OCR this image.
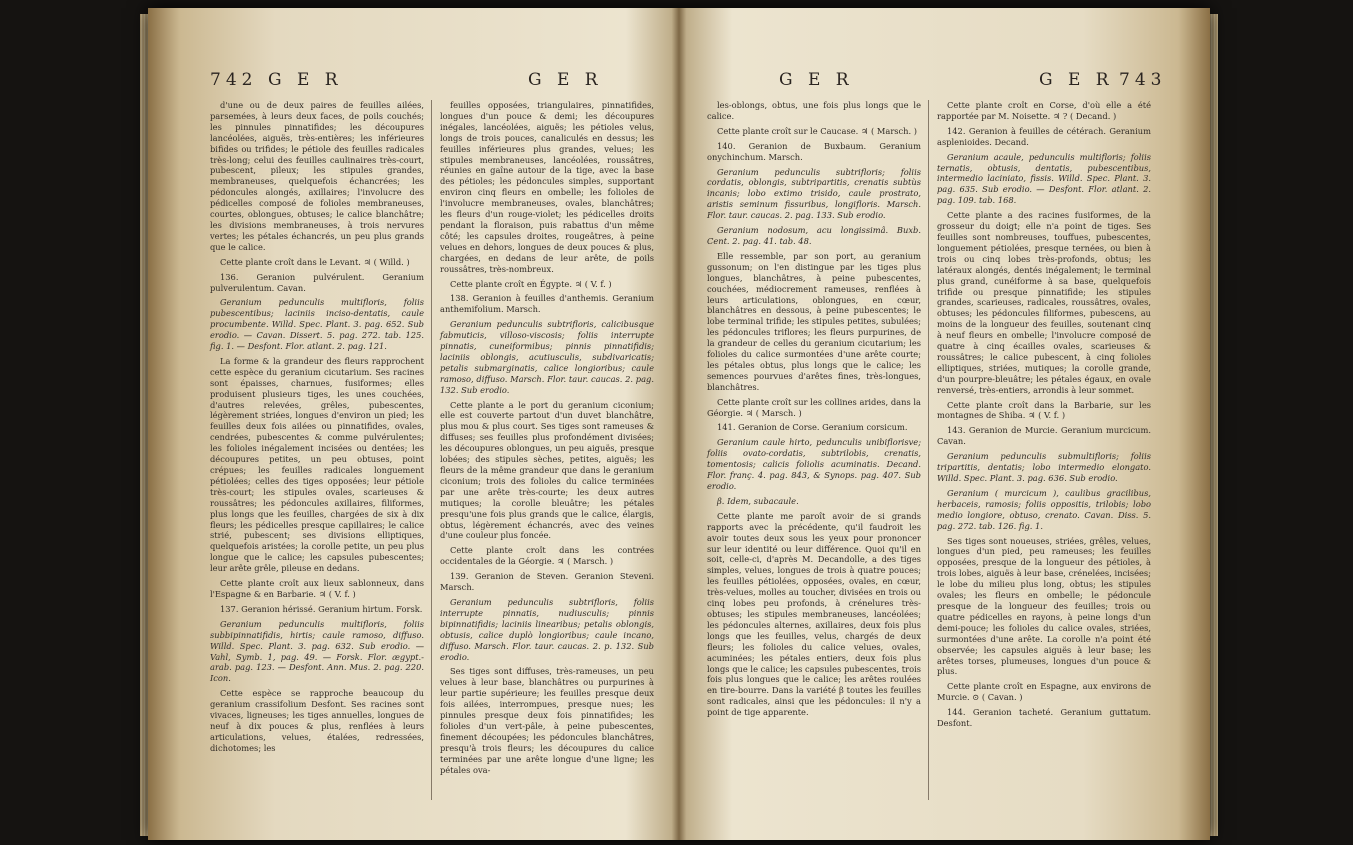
742 G E R	G E R

d'une ou de deux paires de feuilles ailées, parsemées, à leurs deux faces, de poils couchés; les pinnules pinnatifides; les découpures lancéolées, aiguës, très-entières; les inférieures bifides ou trifides; le pétiole des feuilles radicales très-long; celui des feuilles caulinaires très-court, pubescent, pileux; les stipules grandes, membraneuses, quelquefois échancrées; les pédoncules alongés, axillaires; l'involucre des pédicelles composé de folioles membraneuses, courtes, oblongues, obtuses; le calice blanchâtre; les divisions membraneuses, à trois nervures vertes; les pétales échancrés, un peu plus grands que le calice.

Cette plante croît dans le Levant. ♃ ( Willd. )

136. Geranion pulvérulent. Geranium pulverulentum. Cavan.

Geranium pedunculis multifloris, foliis pubescentibus; laciniis inciso-dentatis, caule procumbente. Willd. Spec. Plant. 3. pag. 652. Sub erodio. — Cavan. Dissert. 5. pag. 272. tab. 125. fig. 1. — Desfont. Flor. atlant. 2. pag. 121.

La forme & la grandeur des fleurs rapprochent cette espèce du geranium cicutarium. Ses racines sont épaisses, charnues, fusiformes; elles produisent plusieurs tiges, les unes couchées, d'autres relevées, grêles, pubescentes, légèrement striées, longues d'environ un pied; les feuilles deux fois ailées ou pinnatifides, ovales, cendrées, pubescentes & comme pulvérulentes; les folioles inégalement incisées ou dentées; les découpures petites, un peu obtuses, point crépues; les feuilles radicales longuement pétiolées; celles des tiges opposées; leur pétiole très-court; les stipules ovales, scarieuses & roussâtres; les pédoncules axillaires, filiformes, plus longs que les feuilles, chargées de six à dix fleurs; les pédicelles presque capillaires; le calice strié, pubescent; ses divisions elliptiques, quelquefois aristées; la corolle petite, un peu plus longue que le calice; les capsules pubescentes; leur arête grêle, pileuse en dedans.

Cette plante croît aux lieux sablonneux, dans l'Espagne & en Barbarie. ♃ ( V. f. )

137. Geranion hérissé. Geranium hirtum. Forsk.

Geranium pedunculis multifloris, foliis subbipinnatifidis, hirtis; caule ramoso, diffuso. Willd. Spec. Plant. 3. pag. 632. Sub erodio. — Vahl, Symb. 1, pag. 49. — Forsk. Flor. ægypt.-arab. pag. 123. — Desfont. Ann. Mus. 2. pag. 220. Icon.

Cette espèce se rapproche beaucoup du geranium crassifolium Desfont. Ses racines sont vivaces, ligneuses; les tiges annuelles, longues de neuf à dix pouces & plus, renflées à leurs articulations, velues, étalées, redressées, dichotomes; les

feuilles opposées, triangulaires, pinnatifides, longues d'un pouce & demi; les découpures inégales, lancéolées, aiguës; les pétioles velus, longs de trois pouces, canaliculés en dessus; les feuilles inférieures plus grandes, velues; les stipules membraneuses, lancéolées, roussâtres, réunies en gaîne autour de la tige, avec la base des pétioles; les pédoncules simples, supportant environ cinq fleurs en ombelle; les folioles de l'involucre membraneuses, ovales, blanchâtres; les fleurs d'un rouge-violet; les pédicelles droits pendant la floraison, puis rabattus d'un même côté; les capsules droites, rougeâtres, à peine velues en dehors, longues de deux pouces & plus, chargées, en dedans de leur arête, de poils roussâtres, très-nombreux.

Cette plante croît en Égypte. ♃ ( V. f. )

138. Geranion à feuilles d'anthemis. Geranium anthemifolium. Marsch.

Geranium pedunculis subtrifloris, calicibusque fabmuticis, villoso-viscosis; foliis interrupte pinnatis, cuneiformibus; pinnis pinnatifidis; laciniis oblongis, acutiusculis, subdivaricatis; petalis submarginatis, calice longioribus; caule ramoso, diffuso. Marsch. Flor. taur. caucas. 2. pag. 132. Sub erodio.

Cette plante a le port du geranium ciconium; elle est couverte partout d'un duvet blanchâtre, plus mou & plus court. Ses tiges sont rameuses & diffuses; ses feuilles plus profondément divisées; les découpures oblongues, un peu aiguës, presque lobées; des stipules sèches, petites, aiguës; les fleurs de la même grandeur que dans le geranium ciconium; trois des folioles du calice terminées par une arête très-courte; les deux autres mutiques; la corolle bleuâtre; les pétales presqu'une fois plus grands que le calice, élargis, obtus, légèrement échancrés, avec des veines d'une couleur plus foncée.

Cette plante croît dans les contrées occidentales de la Géorgie. ♃ ( Marsch. )

139. Geranion de Steven. Geranion Steveni. Marsch.

Geranium pedunculis subtrifloris, foliis interrupte pinnatis, nudiusculis; pinnis bipinnatifidis; laciniis linearibus; petalis oblongis, obtusis, calice duplò longioribus; caule incano, diffuso. Marsch. Flor. taur. caucas. 2. p. 132. Sub erodio.

Ses tiges sont diffuses, très-rameuses, un peu velues à leur base, blanchâtres ou purpurines à leur partie supérieure; les feuilles presque deux fois ailées, interrompues, presque nues; les pinnules presque deux fois pinnatifides; les folioles d'un vert-pâle, à peine pubescentes, finement découpées; les pédoncules blanchâtres, presqu'à trois fleurs; les découpures du calice terminées par une arête longue d'une ligne; les pétales ova-

G E R	G E R 743

les-oblongs, obtus, une fois plus longs que le calice.

Cette plante croît sur le Caucase. ♃ ( Marsch. )

140. Geranion de Buxbaum. Geranium onychinchum. Marsch.

Geranium pedunculis subtrifloris; foliis cordatis, oblongis, subtripartitis, crenatis subtùs incanis; lobo extimo trisido, caule prostrato, aristis seminum fissuribus, longifloris. Marsch. Flor. taur. caucas. 2. pag. 133. Sub erodio.

Geranium nodosum, acu longissimâ. Buxb. Cent. 2. pag. 41. tab. 48.

Elle ressemble, par son port, au geranium gussonum; on l'en distingue par les tiges plus longues, blanchâtres, à peine pubescentes, couchées, médiocrement rameuses, renflées à leurs articulations, oblongues, en cœur, blanchâtres en dessous, à peine pubescentes; le lobe terminal trifide; les stipules petites, subulées; les pédoncules triflores; les fleurs purpurines, de la grandeur de celles du geranium cicutarium; les folioles du calice surmontées d'une arête courte; les pétales obtus, plus longs que le calice; les semences pourvues d'arêtes fines, très-longues, blanchâtres.

Cette plante croît sur les collines arides, dans la Géorgie. ♃ ( Marsch. )

141. Geranion de Corse. Geranium corsicum.

Geranium caule hirto, pedunculis unibiflorisve; foliis ovato-cordatis, subtrilobis, crenatis, tomentosis; calicis foliolis acuminatis. Decand. Flor. franç. 4. pag. 843, & Synops. pag. 407. Sub erodio.

β. Idem, subacaule.

Cette plante me paroît avoir de si grands rapports avec la précédente, qu'il faudroit les avoir toutes deux sous les yeux pour prononcer sur leur identité ou leur différence. Quoi qu'il en soit, celle-ci, d'après M. Decandolle, a des tiges simples, velues, longues de trois à quatre pouces; les feuilles pétiolées, opposées, ovales, en cœur, très-velues, molles au toucher, divisées en trois ou cinq lobes peu profonds, à crénelures très-obtuses; les stipules membraneuses, lancéolées; les pédoncules alternes, axillaires, deux fois plus longs que les feuilles, velus, chargés de deux fleurs; les folioles du calice velues, ovales, acuminées; les pétales entiers, deux fois plus longs que le calice; les capsules pubescentes, trois fois plus longues que le calice; les arêtes roulées en tire-bourre. Dans la variété β toutes les feuilles sont radicales, ainsi que les pédoncules: il n'y a point de tige apparente.

Cette plante croît en Corse, d'où elle a été rapportée par M. Noisette. ♃ ? ( Decand. )

142. Geranion à feuilles de cétérach. Geranium asplenioides. Decand.

Geranium acaule, pedunculis multifloris; foliis ternatis, obtusis, dentatis, pubescentibus, intermedio laciniato, fissis. Willd. Spec. Plant. 3. pag. 635. Sub erodio. — Desfont. Flor. atlant. 2. pag. 109. tab. 168.

Cette plante a des racines fusiformes, de la grosseur du doigt; elle n'a point de tiges. Ses feuilles sont nombreuses, touffues, pubescentes, longuement pétiolées, presque ternées, ou bien à trois ou cinq lobes très-profonds, obtus; les latéraux alongés, dentés inégalement; le terminal plus grand, cunéiforme à sa base, quelquefois trifide ou presque pinnatifide; les stipules grandes, scarieuses, radicales, roussâtres, ovales, obtuses; les pédoncules filiformes, pubescens, au moins de la longueur des feuilles, soutenant cinq à neuf fleurs en ombelle; l'involucre composé de quatre à cinq écailles ovales, scarieuses & roussâtres; le calice pubescent, à cinq folioles elliptiques, striées, mutiques; la corolle grande, d'un pourpre-bleuâtre; les pétales égaux, en ovale renversé, très-entiers, arrondis à leur sommet.

Cette plante croît dans la Barbarie, sur les montagnes de Shiba. ♃ ( V. f. )

143. Geranion de Murcie. Geranium murcicum. Cavan.

Geranium pedunculis submultifloris; foliis tripartitis, dentatis; lobo intermedio elongato. Willd. Spec. Plant. 3. pag. 636. Sub erodio.

Geranium ( murcicum ), caulibus gracilibus, herbaceis, ramosis; foliis oppositis, trilobis; lobo medio longiore, obtuso, crenato. Cavan. Diss. 5. pag. 272. tab. 126. fig. 1.

Ses tiges sont noueuses, striées, grêles, velues, longues d'un pied, peu rameuses; les feuilles opposées, presque de la longueur des pétioles, à trois lobes, aiguës à leur base, crénelées, incisées; le lobe du milieu plus long, obtus; les stipules ovales; les fleurs en ombelle; le pédoncule presque de la longueur des feuilles; trois ou quatre pédicelles en rayons, à peine longs d'un demi-pouce; les folioles du calice ovales, striées, surmontées d'une arête. La corolle n'a point été observée; les capsules aiguës à leur base; les arêtes torses, plumeuses, longues d'un pouce & plus.

Cette plante croît en Espagne, aux environs de Murcie. ⊙ ( Cavan. )

144. Geranion tacheté. Geranium guttatum. Desfont.
